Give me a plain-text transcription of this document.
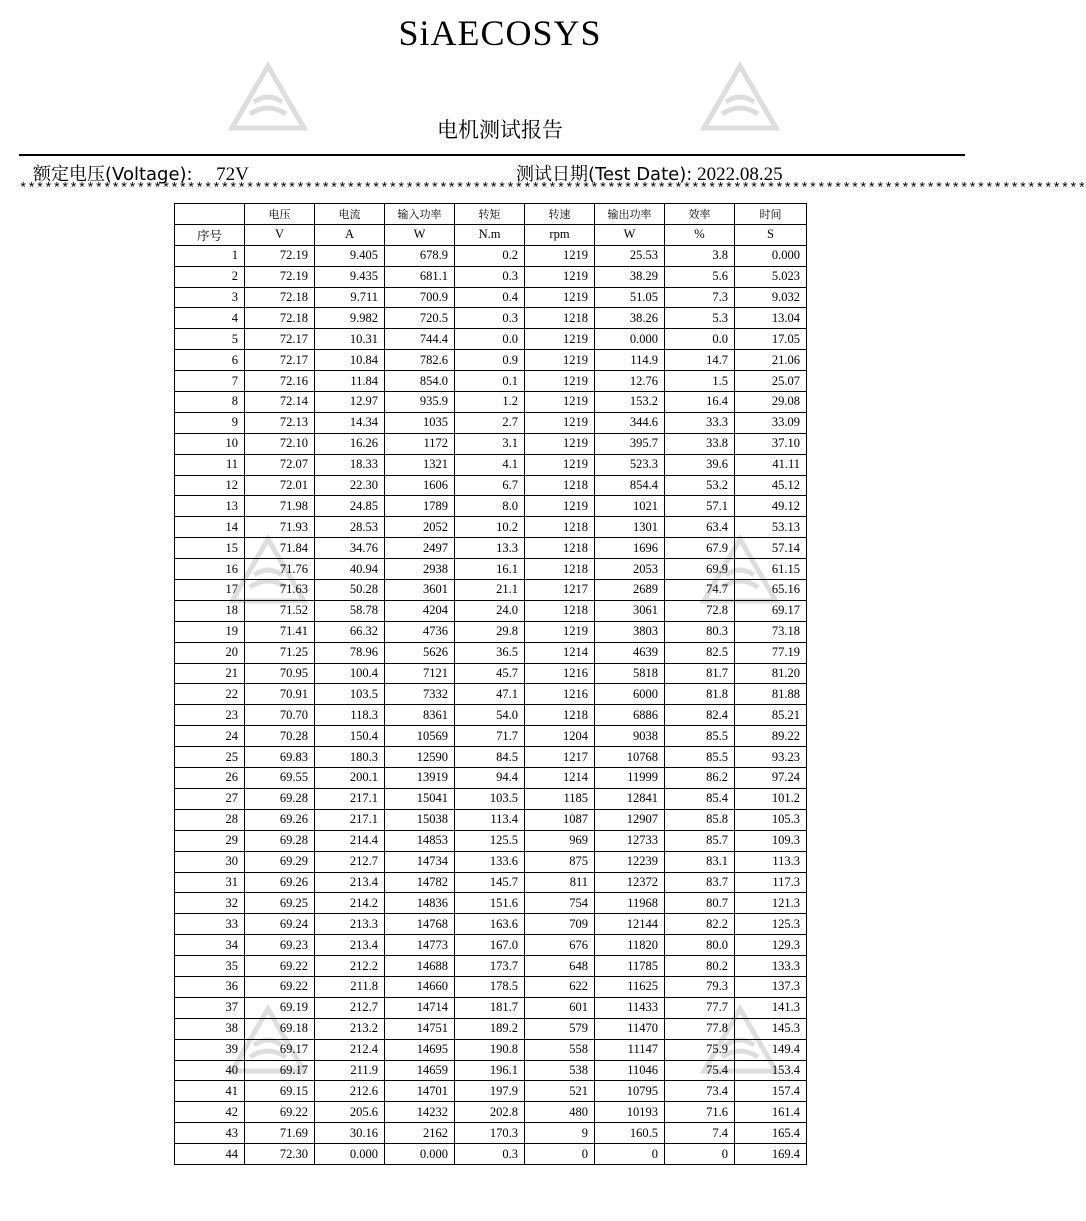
SiAECOSYS
电机测试报告
额定电压(Voltage): 72V	测试日期(Test Date): 2022.08.25
*******************************************************************************************************************************
	电压	电流	输入功率	转矩	转速	输出功率	效率	时间
序号	V	A	W	N.m	rpm	W	%	S
1	72.19	9.405	678.9	0.2	1219	25.53	3.8	0.000
2	72.19	9.435	681.1	0.3	1219	38.29	5.6	5.023
3	72.18	9.711	700.9	0.4	1219	51.05	7.3	9.032
4	72.18	9.982	720.5	0.3	1218	38.26	5.3	13.04
5	72.17	10.31	744.4	0.0	1219	0.000	0.0	17.05
6	72.17	10.84	782.6	0.9	1219	114.9	14.7	21.06
7	72.16	11.84	854.0	0.1	1219	12.76	1.5	25.07
8	72.14	12.97	935.9	1.2	1219	153.2	16.4	29.08
9	72.13	14.34	1035	2.7	1219	344.6	33.3	33.09
10	72.10	16.26	1172	3.1	1219	395.7	33.8	37.10
11	72.07	18.33	1321	4.1	1219	523.3	39.6	41.11
12	72.01	22.30	1606	6.7	1218	854.4	53.2	45.12
13	71.98	24.85	1789	8.0	1219	1021	57.1	49.12
14	71.93	28.53	2052	10.2	1218	1301	63.4	53.13
15	71.84	34.76	2497	13.3	1218	1696	67.9	57.14
16	71.76	40.94	2938	16.1	1218	2053	69.9	61.15
17	71.63	50.28	3601	21.1	1217	2689	74.7	65.16
18	71.52	58.78	4204	24.0	1218	3061	72.8	69.17
19	71.41	66.32	4736	29.8	1219	3803	80.3	73.18
20	71.25	78.96	5626	36.5	1214	4639	82.5	77.19
21	70.95	100.4	7121	45.7	1216	5818	81.7	81.20
22	70.91	103.5	7332	47.1	1216	6000	81.8	81.88
23	70.70	118.3	8361	54.0	1218	6886	82.4	85.21
24	70.28	150.4	10569	71.7	1204	9038	85.5	89.22
25	69.83	180.3	12590	84.5	1217	10768	85.5	93.23
26	69.55	200.1	13919	94.4	1214	11999	86.2	97.24
27	69.28	217.1	15041	103.5	1185	12841	85.4	101.2
28	69.26	217.1	15038	113.4	1087	12907	85.8	105.3
29	69.28	214.4	14853	125.5	969	12733	85.7	109.3
30	69.29	212.7	14734	133.6	875	12239	83.1	113.3
31	69.26	213.4	14782	145.7	811	12372	83.7	117.3
32	69.25	214.2	14836	151.6	754	11968	80.7	121.3
33	69.24	213.3	14768	163.6	709	12144	82.2	125.3
34	69.23	213.4	14773	167.0	676	11820	80.0	129.3
35	69.22	212.2	14688	173.7	648	11785	80.2	133.3
36	69.22	211.8	14660	178.5	622	11625	79.3	137.3
37	69.19	212.7	14714	181.7	601	11433	77.7	141.3
38	69.18	213.2	14751	189.2	579	11470	77.8	145.3
39	69.17	212.4	14695	190.8	558	11147	75.9	149.4
40	69.17	211.9	14659	196.1	538	11046	75.4	153.4
41	69.15	212.6	14701	197.9	521	10795	73.4	157.4
42	69.22	205.6	14232	202.8	480	10193	71.6	161.4
43	71.69	30.16	2162	170.3	9	160.5	7.4	165.4
44	72.30	0.000	0.000	0.3	0	0	0	169.4
